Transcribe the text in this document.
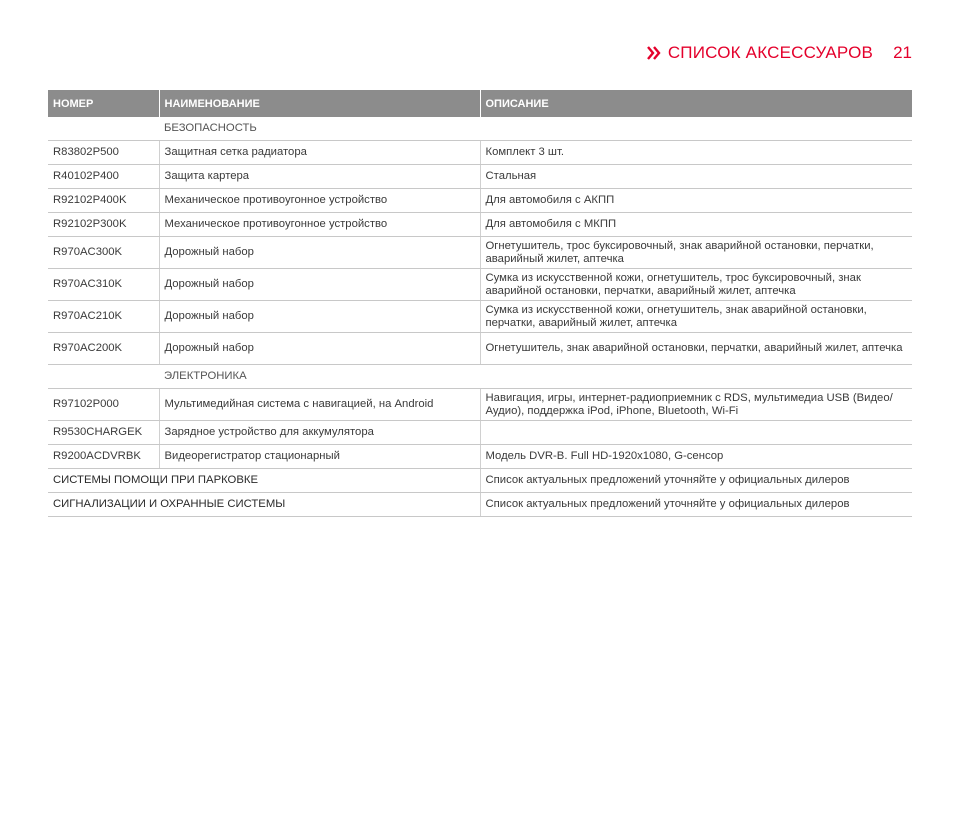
СПИСОК АКСЕССУАРОВ 21
НОМЕР	НАИМЕНОВАНИЕ	ОПИСАНИЕ
	БЕЗОПАСНОСТЬ	
R83802P500	Защитная сетка радиатора	Комплект 3 шт.
R40102P400	Защита картера	Стальная
R92102P400K	Механическое противоугонное устройство	Для автомобиля с АКПП
R92102P300K	Механическое противоугонное устройство	Для автомобиля с МКПП
R970AC300K	Дорожный набор	Огнетушитель, трос буксировочный, знак аварийной остановки, перчатки, аварийный жилет, аптечка
R970AC310K	Дорожный набор	Сумка из искусственной кожи, огнетушитель, трос буксировочный, знак аварийной остановки, перчатки, аварийный жилет, аптечка
R970AC210K	Дорожный набор	Сумка из искусственной кожи, огнетушитель, знак аварийной остановки, перчатки, аварийный жилет, аптечка
R970AC200K	Дорожный набор	Огнетушитель, знак аварийной остановки, перчатки, аварийный жилет, аптечка
	ЭЛЕКТРОНИКА	
R97102P000	Мультимедийная система с навигацией, на Android	Навигация, игры, интернет-радиоприемник с RDS, мультимедиа USB (Видео/Аудио), поддержка iPod, iPhone, Bluetooth, Wi-Fi
R9530CHARGEK	Зарядное устройство для аккумулятора	
R9200ACDVRBK	Видеорегистратор стационарный	Модель DVR-B. Full HD-1920x1080, G-сенсор
СИСТЕМЫ ПОМОЩИ ПРИ ПАРКОВКЕ		Список актуальных предложений уточняйте у официальных дилеров
СИГНАЛИЗАЦИИ И ОХРАННЫЕ СИСТЕМЫ		Список актуальных предложений уточняйте у официальных дилеров
